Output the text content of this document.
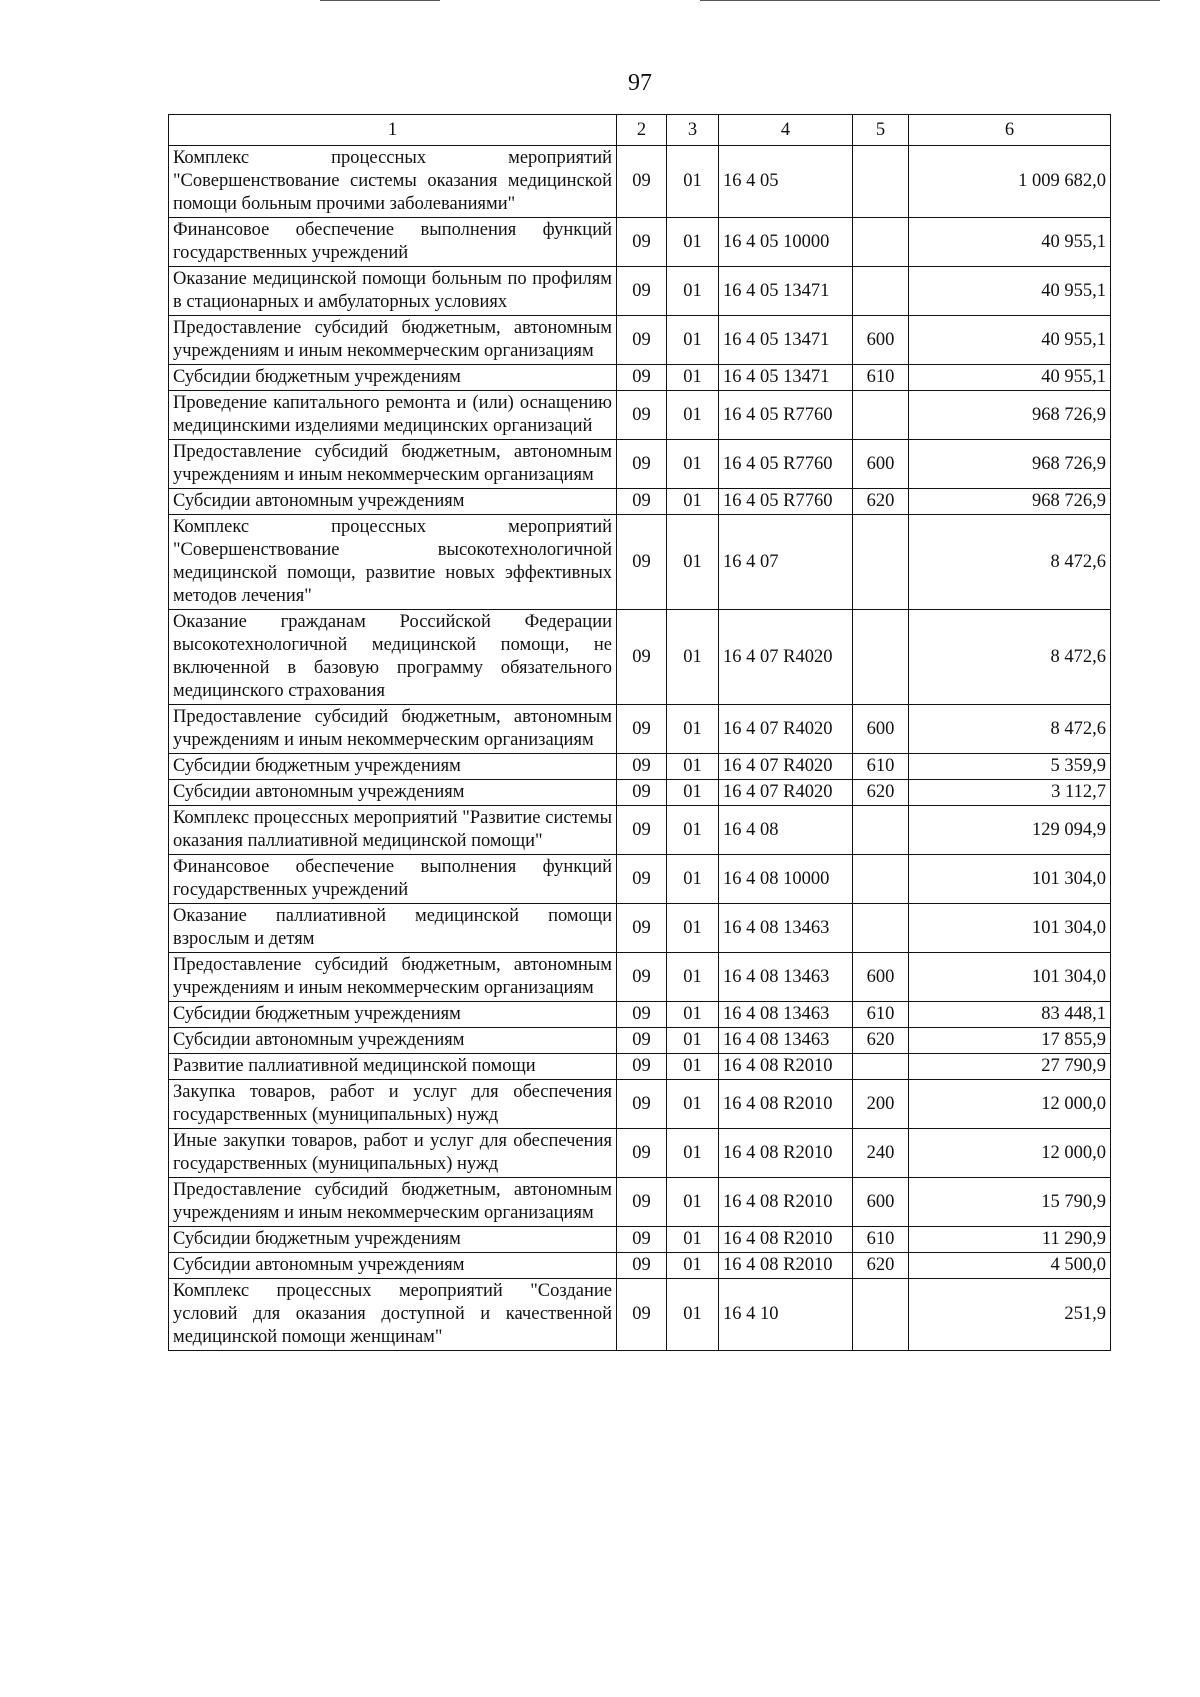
97
1	2	3	4	5	6
Комплекс процессных мероприятий "Совершенствование системы оказания медицинской помощи больным прочими заболеваниями"	09	01	16 4 05		1 009 682,0
Финансовое обеспечение выполнения функций государственных учреждений	09	01	16 4 05 10000		40 955,1
Оказание медицинской помощи больным по профилям в стационарных и амбулаторных условиях	09	01	16 4 05 13471		40 955,1
Предоставление субсидий бюджетным, автономным учреждениям и иным некоммерческим организациям	09	01	16 4 05 13471	600	40 955,1
Субсидии бюджетным учреждениям	09	01	16 4 05 13471	610	40 955,1
Проведение капитального ремонта и (или) оснащению медицинскими изделиями медицинских организаций	09	01	16 4 05 R7760		968 726,9
Предоставление субсидий бюджетным, автономным учреждениям и иным некоммерческим организациям	09	01	16 4 05 R7760	600	968 726,9
Субсидии автономным учреждениям	09	01	16 4 05 R7760	620	968 726,9
Комплекс процессных мероприятий "Совершенствование высокотехнологичной медицинской помощи, развитие новых эффективных методов лечения"	09	01	16 4 07		8 472,6
Оказание гражданам Российской Федерации высокотехнологичной медицинской помощи, не включенной в базовую программу обязательного медицинского страхования	09	01	16 4 07 R4020		8 472,6
Предоставление субсидий бюджетным, автономным учреждениям и иным некоммерческим организациям	09	01	16 4 07 R4020	600	8 472,6
Субсидии бюджетным учреждениям	09	01	16 4 07 R4020	610	5 359,9
Субсидии автономным учреждениям	09	01	16 4 07 R4020	620	3 112,7
Комплекс процессных мероприятий "Развитие системы оказания паллиативной медицинской помощи"	09	01	16 4 08		129 094,9
Финансовое обеспечение выполнения функций государственных учреждений	09	01	16 4 08 10000		101 304,0
Оказание паллиативной медицинской помощи взрослым и детям	09	01	16 4 08 13463		101 304,0
Предоставление субсидий бюджетным, автономным учреждениям и иным некоммерческим организациям	09	01	16 4 08 13463	600	101 304,0
Субсидии бюджетным учреждениям	09	01	16 4 08 13463	610	83 448,1
Субсидии автономным учреждениям	09	01	16 4 08 13463	620	17 855,9
Развитие паллиативной медицинской помощи	09	01	16 4 08 R2010		27 790,9
Закупка товаров, работ и услуг для обеспечения государственных (муниципальных) нужд	09	01	16 4 08 R2010	200	12 000,0
Иные закупки товаров, работ и услуг для обеспечения государственных (муниципальных) нужд	09	01	16 4 08 R2010	240	12 000,0
Предоставление субсидий бюджетным, автономным учреждениям и иным некоммерческим организациям	09	01	16 4 08 R2010	600	15 790,9
Субсидии бюджетным учреждениям	09	01	16 4 08 R2010	610	11 290,9
Субсидии автономным учреждениям	09	01	16 4 08 R2010	620	4 500,0
Комплекс процессных мероприятий "Создание условий для оказания доступной и качественной медицинской помощи женщинам"	09	01	16 4 10		251,9
